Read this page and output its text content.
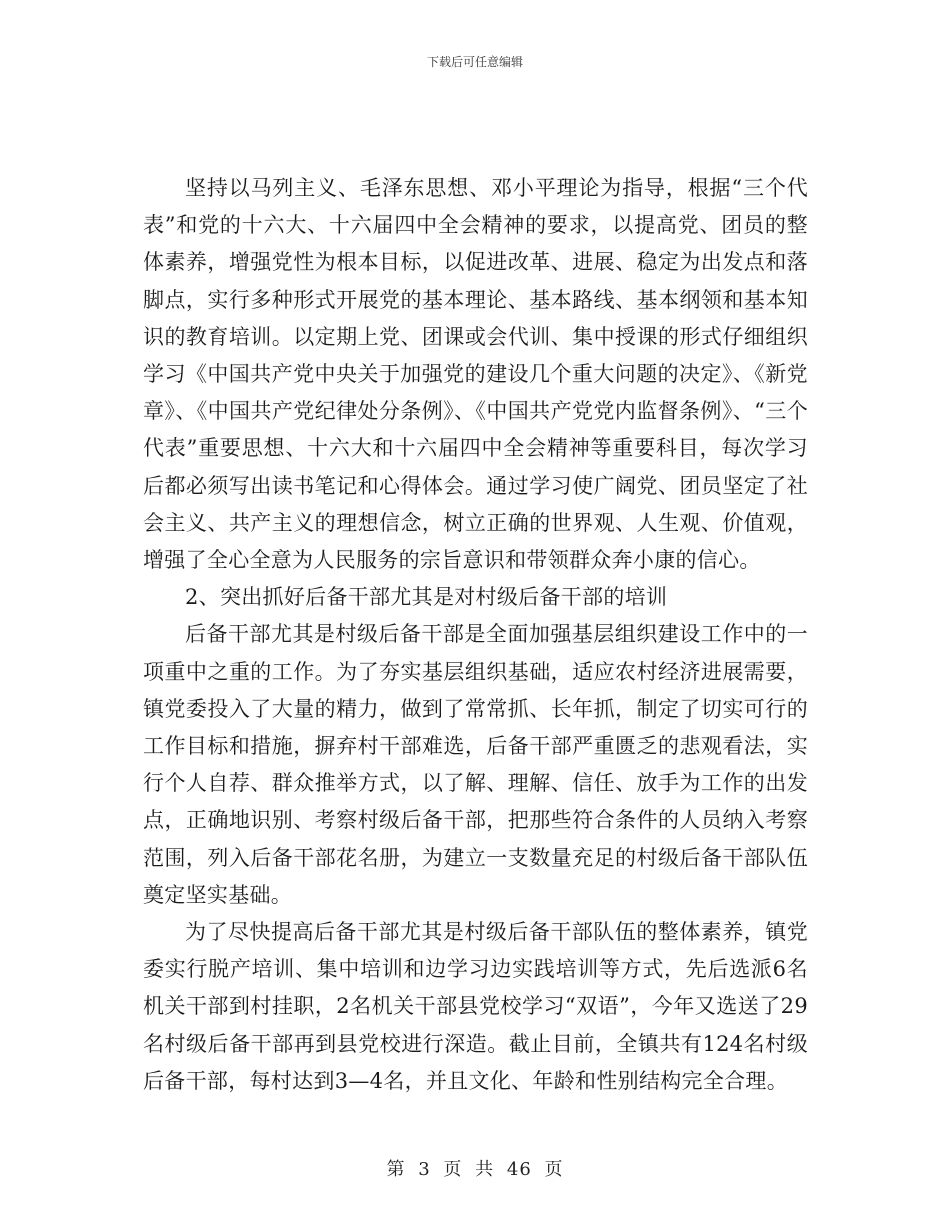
下载后可任意编辑

坚持以马列主义、毛泽东思想、邓小平理论为指导，根据“三个代表”和党的十六大、十六届四中全会精神的要求，以提高党、团员的整体素养，增强党性为根本目标，以促进改革、进展、稳定为出发点和落脚点，实行多种形式开展党的基本理论、基本路线、基本纲领和基本知识的教育培训。以定期上党、团课或会代训、集中授课的形式仔细组织学习《中国共产党中央关于加强党的建设几个重大问题的决定》、《新党章》、《中国共产党纪律处分条例》、《中国共产党党内监督条例》、“三个代表”重要思想、十六大和十六届四中全会精神等重要科目，每次学习后都必须写出读书笔记和心得体会。通过学习使广阔党、团员坚定了社会主义、共产主义的理想信念，树立正确的世界观、人生观、价值观，增强了全心全意为人民服务的宗旨意识和带领群众奔小康的信心。

2、突出抓好后备干部尤其是对村级后备干部的培训

后备干部尤其是村级后备干部是全面加强基层组织建设工作中的一项重中之重的工作。为了夯实基层组织基础，适应农村经济进展需要，镇党委投入了大量的精力，做到了常常抓、长年抓，制定了切实可行的工作目标和措施，摒弃村干部难选，后备干部严重匮乏的悲观看法，实行个人自荐、群众推举方式，以了解、理解、信任、放手为工作的出发点，正确地识别、考察村级后备干部，把那些符合条件的人员纳入考察范围，列入后备干部花名册，为建立一支数量充足的村级后备干部队伍奠定坚实基础。

为了尽快提高后备干部尤其是村级后备干部队伍的整体素养，镇党委实行脱产培训、集中培训和边学习边实践培训等方式，先后选派6名机关干部到村挂职，2名机关干部县党校学习“双语”，今年又选送了29名村级后备干部再到县党校进行深造。截止目前，全镇共有124名村级后备干部，每村达到3—4名，并且文化、年龄和性别结构完全合理。

第 3 页 共 46 页
